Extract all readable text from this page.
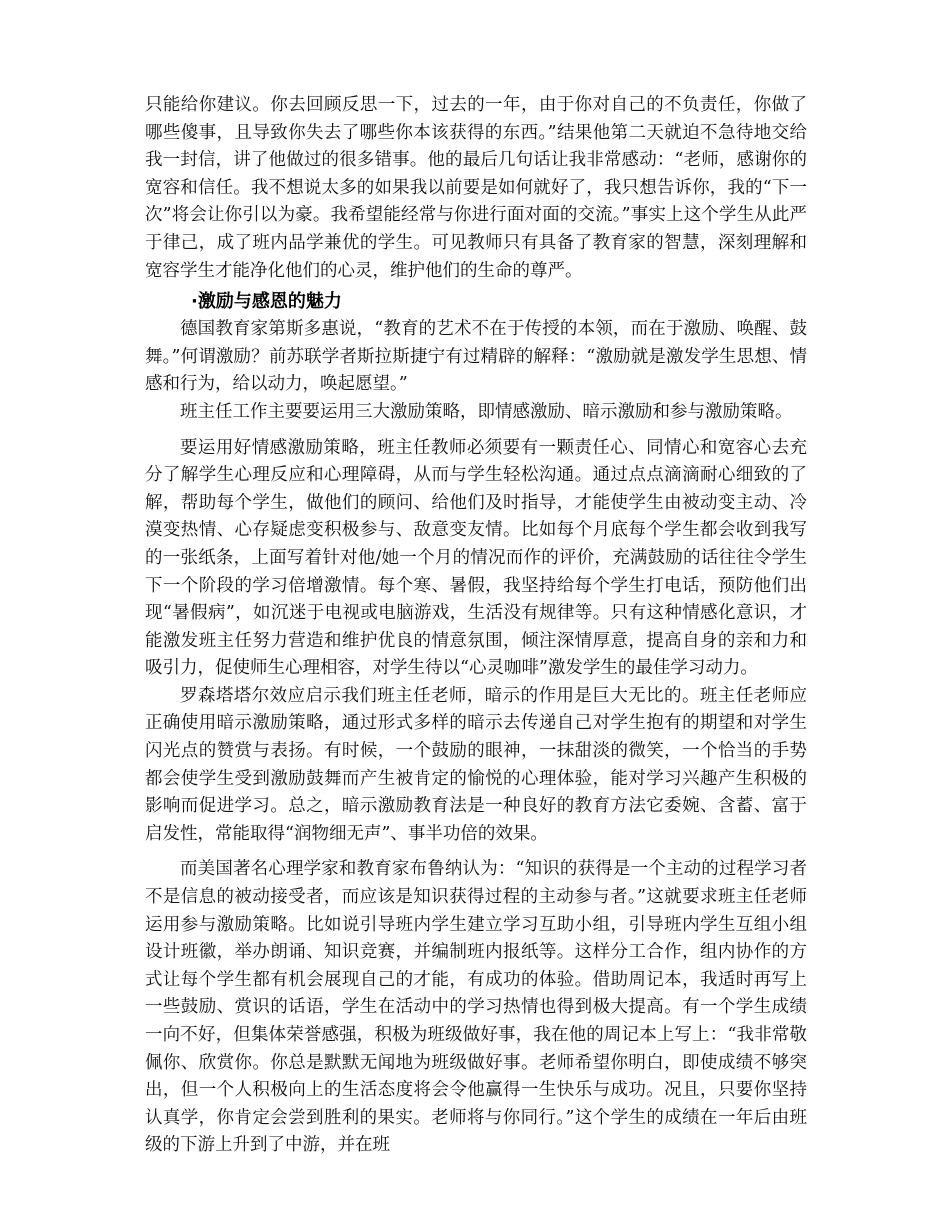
只能给你建议。你去回顾反思一下，过去的一年，由于你对自己的不负责任，你做了哪些傻事，且导致你失去了哪些你本该获得的东西。”结果他第二天就迫不急待地交给我一封信，讲了他做过的很多错事。他的最后几句话让我非常感动：“老师，感谢你的宽容和信任。我不想说太多的如果我以前要是如何就好了，我只想告诉你，我的“下一次”将会让你引以为豪。我希望能经常与你进行面对面的交流。”事实上这个学生从此严于律己，成了班内品学兼优的学生。可见教师只有具备了教育家的智慧，深刻理解和宽容学生才能净化他们的心灵，维护他们的生命的尊严。

·激励与感恩的魅力

德国教育家第斯多惠说，“教育的艺术不在于传授的本领，而在于激励、唤醒、鼓舞。”何谓激励？前苏联学者斯拉斯捷宁有过精辟的解释：“激励就是激发学生思想、情感和行为，给以动力，唤起愿望。”

班主任工作主要要运用三大激励策略，即情感激励、暗示激励和参与激励策略。

要运用好情感激励策略，班主任教师必须要有一颗责任心、同情心和宽容心去充分了解学生心理反应和心理障碍，从而与学生轻松沟通。通过点点滴滴耐心细致的了解，帮助每个学生，做他们的顾问、给他们及时指导，才能使学生由被动变主动、冷漠变热情、心存疑虑变积极参与、敌意变友情。比如每个月底每个学生都会收到我写的一张纸条，上面写着针对他/她一个月的情况而作的评价，充满鼓励的话往往令学生下一个阶段的学习倍增激情。每个寒、暑假，我坚持给每个学生打电话，预防他们出现“暑假病”，如沉迷于电视或电脑游戏，生活没有规律等。只有这种情感化意识，才能激发班主任努力营造和维护优良的情意氛围，倾注深情厚意，提高自身的亲和力和吸引力，促使师生心理相容，对学生待以“心灵咖啡”激发学生的最佳学习动力。

罗森塔塔尔效应启示我们班主任老师，暗示的作用是巨大无比的。班主任老师应正确使用暗示激励策略，通过形式多样的暗示去传递自己对学生抱有的期望和对学生闪光点的赞赏与表扬。有时候，一个鼓励的眼神，一抹甜淡的微笑，一个恰当的手势都会使学生受到激励鼓舞而产生被肯定的愉悦的心理体验，能对学习兴趣产生积极的影响而促进学习。总之，暗示激励教育法是一种良好的教育方法它委婉、含蓄、富于启发性，常能取得“润物细无声”、事半功倍的效果。

而美国著名心理学家和教育家布鲁纳认为：“知识的获得是一个主动的过程学习者不是信息的被动接受者，而应该是知识获得过程的主动参与者。”这就要求班主任老师运用参与激励策略。比如说引导班内学生建立学习互助小组，引导班内学生互组小组设计班徽，举办朗诵、知识竞赛，并编制班内报纸等。这样分工合作，组内协作的方式让每个学生都有机会展现自己的才能，有成功的体验。借助周记本，我适时再写上一些鼓励、赏识的话语，学生在活动中的学习热情也得到极大提高。有一个学生成绩一向不好，但集体荣誉感强，积极为班级做好事，我在他的周记本上写上：“我非常敬佩你、欣赏你。你总是默默无闻地为班级做好事。老师希望你明白，即使成绩不够突出，但一个人积极向上的生活态度将会令他赢得一生快乐与成功。况且，只要你坚持认真学，你肯定会尝到胜利的果实。老师将与你同行。”这个学生的成绩在一年后由班级的下游上升到了中游，并在班
